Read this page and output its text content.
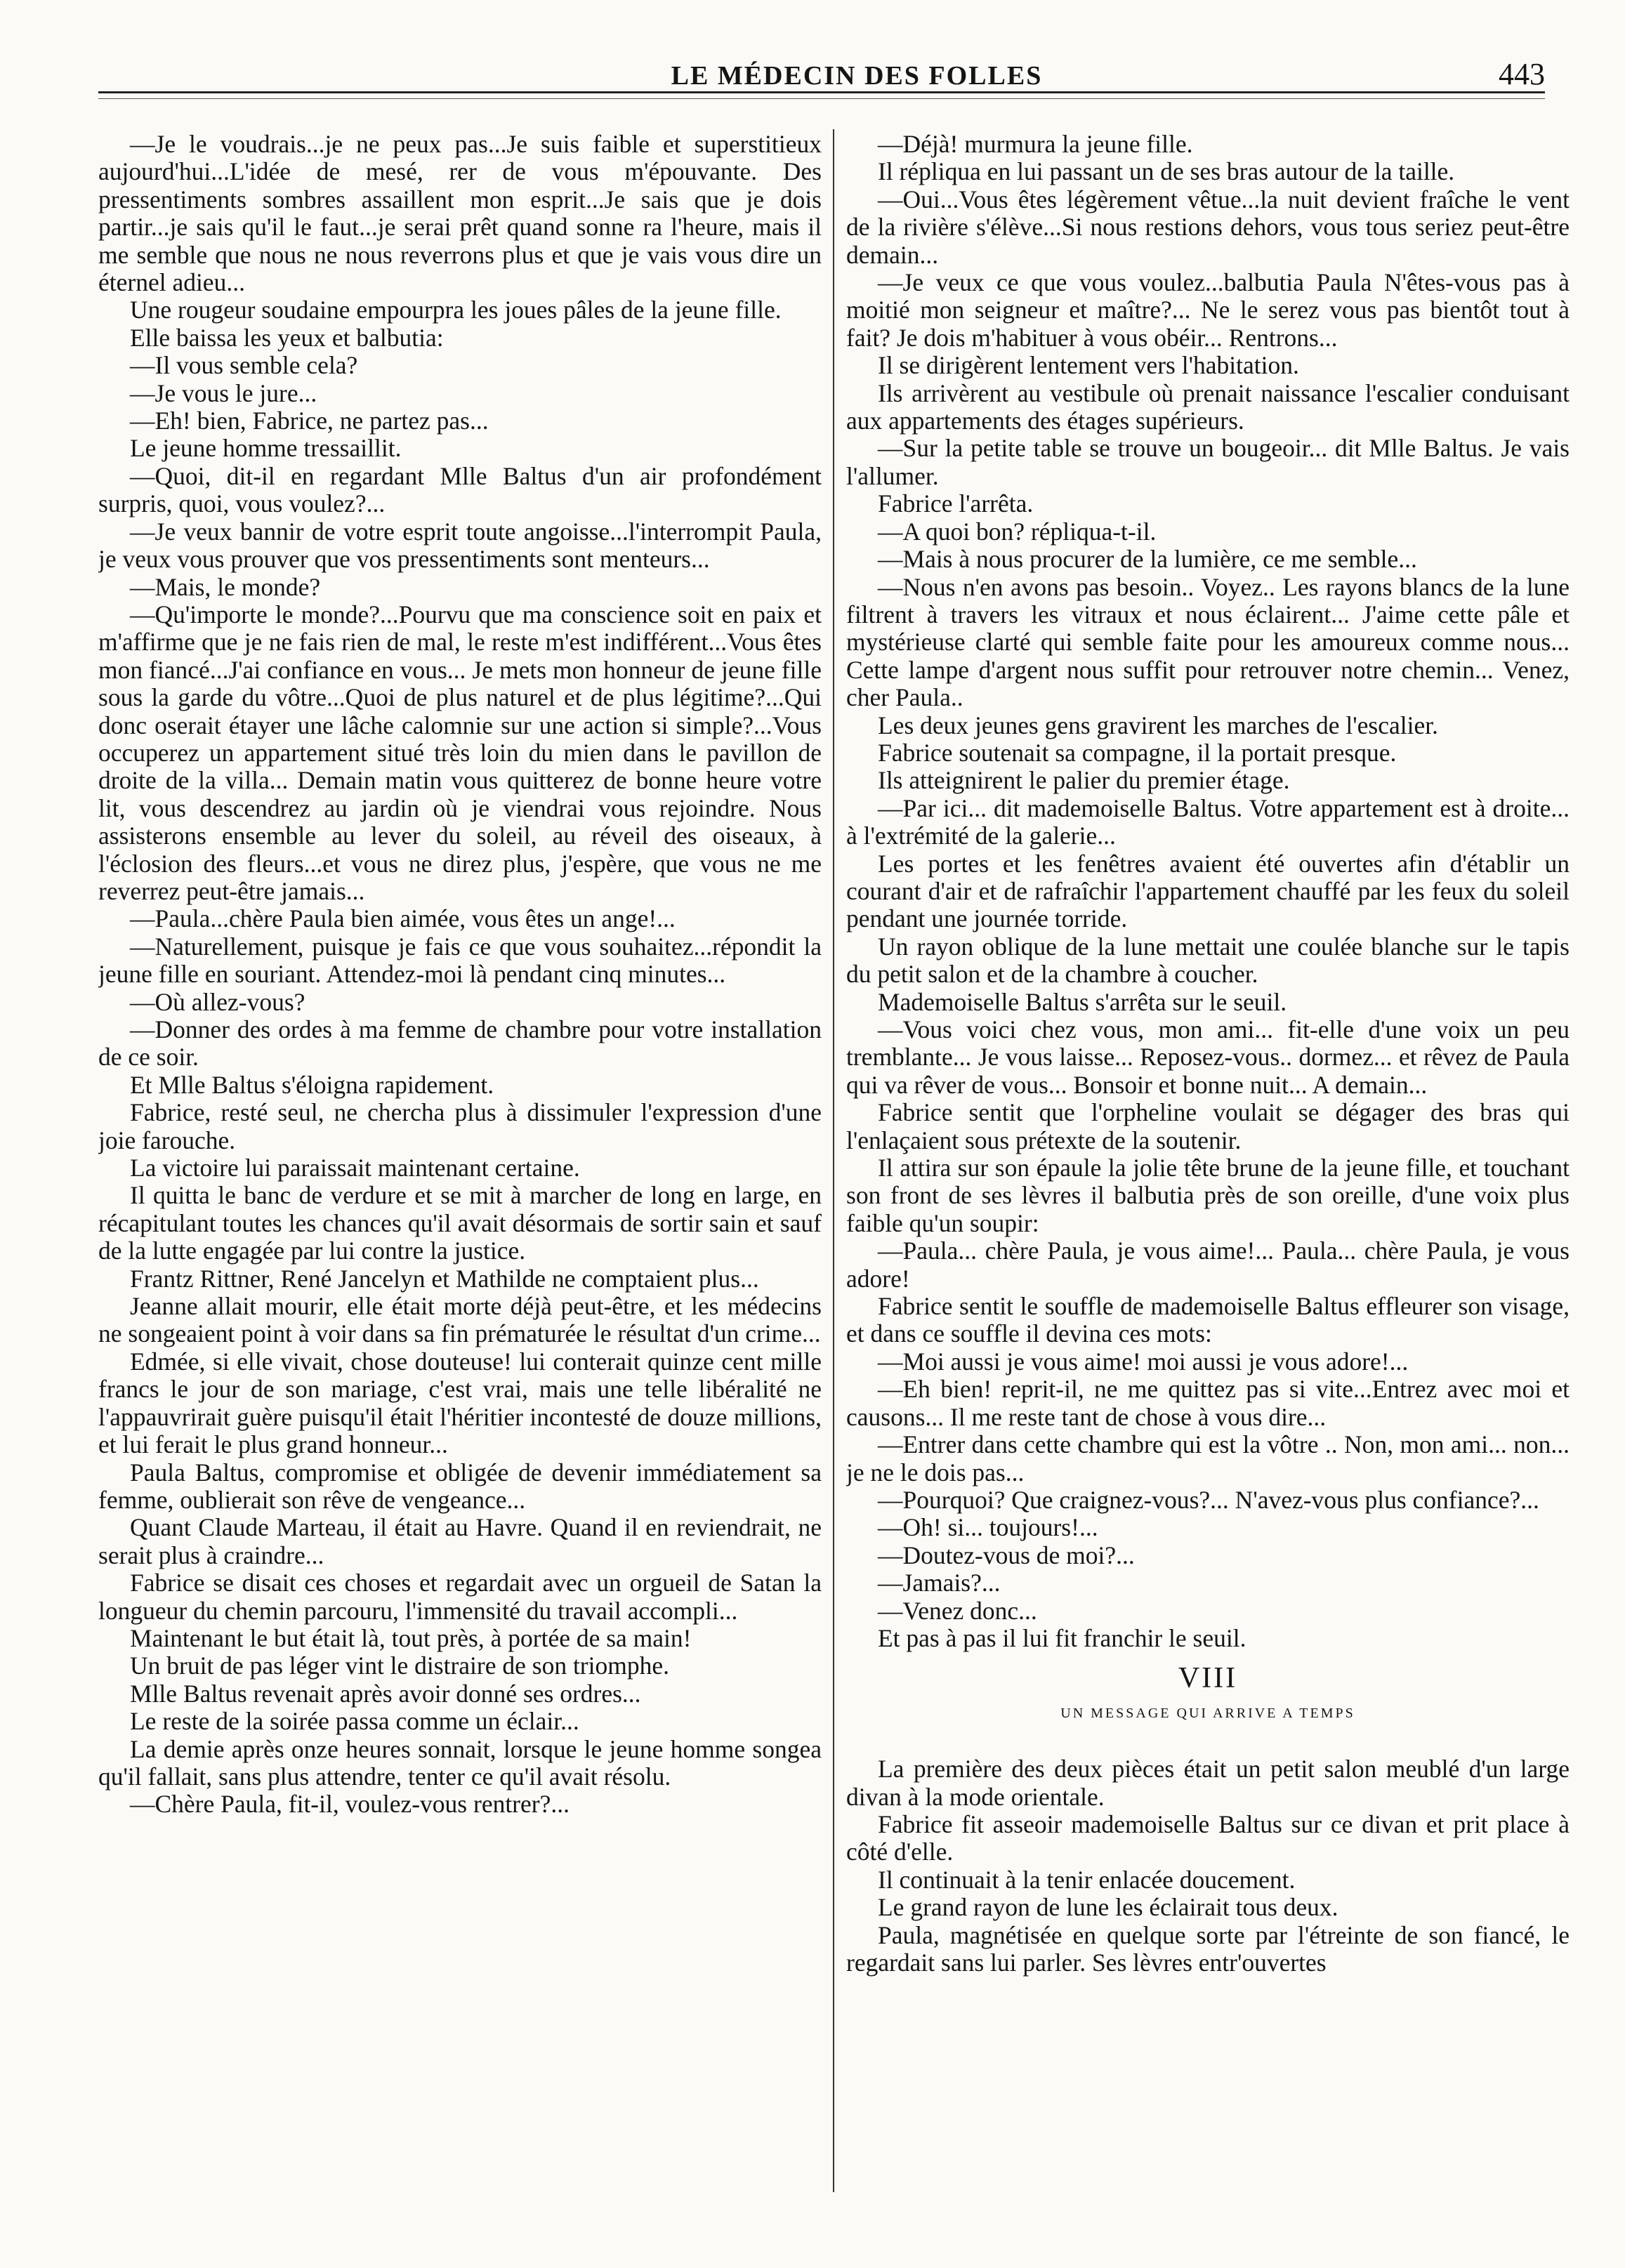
LE MÉDECIN DES FOLLES	443

—Je le voudrais...je ne peux pas...Je suis faible et superstitieux aujourd'hui...L'idée de mesé, rer de vous m'épouvante. Des pressentiments sombres assaillent mon esprit...Je sais que je dois partir...je sais qu'il le faut...je serai prêt quand sonne ra l'heure, mais il me semble que nous ne nous reverrons plus et que je vais vous dire un éternel adieu...

Une rougeur soudaine empourpra les joues pâles de la jeune fille.

Elle baissa les yeux et balbutia:

—Il vous semble cela?

—Je vous le jure...

—Eh! bien, Fabrice, ne partez pas...

Le jeune homme tressaillit.

—Quoi, dit-il en regardant Mlle Baltus d'un air profondément surpris, quoi, vous voulez?...

—Je veux bannir de votre esprit toute angoisse...l'interrompit Paula, je veux vous prouver que vos pressentiments sont menteurs...

—Mais, le monde?

—Qu'importe le monde?...Pourvu que ma conscience soit en paix et m'affirme que je ne fais rien de mal, le reste m'est indifférent...Vous êtes mon fiancé...J'ai confiance en vous... Je mets mon honneur de jeune fille sous la garde du vôtre...Quoi de plus naturel et de plus légitime?...Qui donc oserait étayer une lâche calomnie sur une action si simple?...Vous occuperez un appartement situé très loin du mien dans le pavillon de droite de la villa... Demain matin vous quitterez de bonne heure votre lit, vous descendrez au jardin où je viendrai vous rejoindre. Nous assisterons ensemble au lever du soleil, au réveil des oiseaux, à l'éclosion des fleurs...et vous ne direz plus, j'espère, que vous ne me reverrez peut-être jamais...

—Paula...chère Paula bien aimée, vous êtes un ange!...

—Naturellement, puisque je fais ce que vous souhaitez...répondit la jeune fille en souriant. Attendez-moi là pendant cinq minutes...

—Où allez-vous?

—Donner des ordes à ma femme de chambre pour votre installation de ce soir.

Et Mlle Baltus s'éloigna rapidement.

Fabrice, resté seul, ne chercha plus à dissimuler l'expression d'une joie farouche.

La victoire lui paraissait maintenant certaine.

Il quitta le banc de verdure et se mit à marcher de long en large, en récapitulant toutes les chances qu'il avait désormais de sortir sain et sauf de la lutte engagée par lui contre la justice.

Frantz Rittner, René Jancelyn et Mathilde ne comptaient plus...

Jeanne allait mourir, elle était morte déjà peut-être, et les médecins ne songeaient point à voir dans sa fin prématurée le résultat d'un crime...

Edmée, si elle vivait, chose douteuse! lui conterait quinze cent mille francs le jour de son mariage, c'est vrai, mais une telle libéralité ne l'appauvrirait guère puisqu'il était l'héritier incontesté de douze millions, et lui ferait le plus grand honneur...

Paula Baltus, compromise et obligée de devenir immédiatement sa femme, oublierait son rêve de vengeance...

Quant Claude Marteau, il était au Havre. Quand il en reviendrait, ne serait plus à craindre...

Fabrice se disait ces choses et regardait avec un orgueil de Satan la longueur du chemin parcouru, l'immensité du travail accompli...

Maintenant le but était là, tout près, à portée de sa main!

Un bruit de pas léger vint le distraire de son triomphe.

Mlle Baltus revenait après avoir donné ses ordres...

Le reste de la soirée passa comme un éclair...

La demie après onze heures sonnait, lorsque le jeune homme songea qu'il fallait, sans plus attendre, tenter ce qu'il avait résolu.

—Chère Paula, fit-il, voulez-vous rentrer?...

—Déjà! murmura la jeune fille.

Il répliqua en lui passant un de ses bras autour de la taille.

—Oui...Vous êtes légèrement vêtue...la nuit devient fraîche le vent de la rivière s'élève...Si nous restions dehors, vous tous seriez peut-être demain...

—Je veux ce que vous voulez...balbutia Paula N'êtes-vous pas à moitié mon seigneur et maître?... Ne le serez vous pas bientôt tout à fait? Je dois m'habituer à vous obéir... Rentrons...

Il se dirigèrent lentement vers l'habitation.

Ils arrivèrent au vestibule où prenait naissance l'escalier conduisant aux appartements des étages supérieurs.

—Sur la petite table se trouve un bougeoir... dit Mlle Baltus. Je vais l'allumer.

Fabrice l'arrêta.

—A quoi bon? répliqua-t-il.

—Mais à nous procurer de la lumière, ce me semble...

—Nous n'en avons pas besoin.. Voyez.. Les rayons blancs de la lune filtrent à travers les vitraux et nous éclairent... J'aime cette pâle et mystérieuse clarté qui semble faite pour les amoureux comme nous... Cette lampe d'argent nous suffit pour retrouver notre chemin... Venez, cher Paula..

Les deux jeunes gens gravirent les marches de l'escalier.

Fabrice soutenait sa compagne, il la portait presque.

Ils atteignirent le palier du premier étage.

—Par ici... dit mademoiselle Baltus. Votre appartement est à droite... à l'extrémité de la galerie...

Les portes et les fenêtres avaient été ouvertes afin d'établir un courant d'air et de rafraîchir l'appartement chauffé par les feux du soleil pendant une journée torride.

Un rayon oblique de la lune mettait une coulée blanche sur le tapis du petit salon et de la chambre à coucher.

Mademoiselle Baltus s'arrêta sur le seuil.

—Vous voici chez vous, mon ami... fit-elle d'une voix un peu tremblante... Je vous laisse... Reposez-vous.. dormez... et rêvez de Paula qui va rêver de vous... Bonsoir et bonne nuit... A demain...

Fabrice sentit que l'orpheline voulait se dégager des bras qui l'enlaçaient sous prétexte de la soutenir.

Il attira sur son épaule la jolie tête brune de la jeune fille, et touchant son front de ses lèvres il balbutia près de son oreille, d'une voix plus faible qu'un soupir:

—Paula... chère Paula, je vous aime!... Paula... chère Paula, je vous adore!

Fabrice sentit le souffle de mademoiselle Baltus effleurer son visage, et dans ce souffle il devina ces mots:

—Moi aussi je vous aime! moi aussi je vous adore!...

—Eh bien! reprit-il, ne me quittez pas si vite...Entrez avec moi et causons... Il me reste tant de chose à vous dire...

—Entrer dans cette chambre qui est la vôtre .. Non, mon ami... non... je ne le dois pas...

—Pourquoi? Que craignez-vous?... N'avez-vous plus confiance?...

—Oh! si... toujours!...

—Doutez-vous de moi?...

—Jamais?...

—Venez donc...

Et pas à pas il lui fit franchir le seuil.

VIII

UN MESSAGE QUI ARRIVE A TEMPS

La première des deux pièces était un petit salon meublé d'un large divan à la mode orientale.

Fabrice fit asseoir mademoiselle Baltus sur ce divan et prit place à côté d'elle.

Il continuait à la tenir enlacée doucement.

Le grand rayon de lune les éclairait tous deux.

Paula, magnétisée en quelque sorte par l'étreinte de son fiancé, le regardait sans lui parler. Ses lèvres entr'ouvertes
